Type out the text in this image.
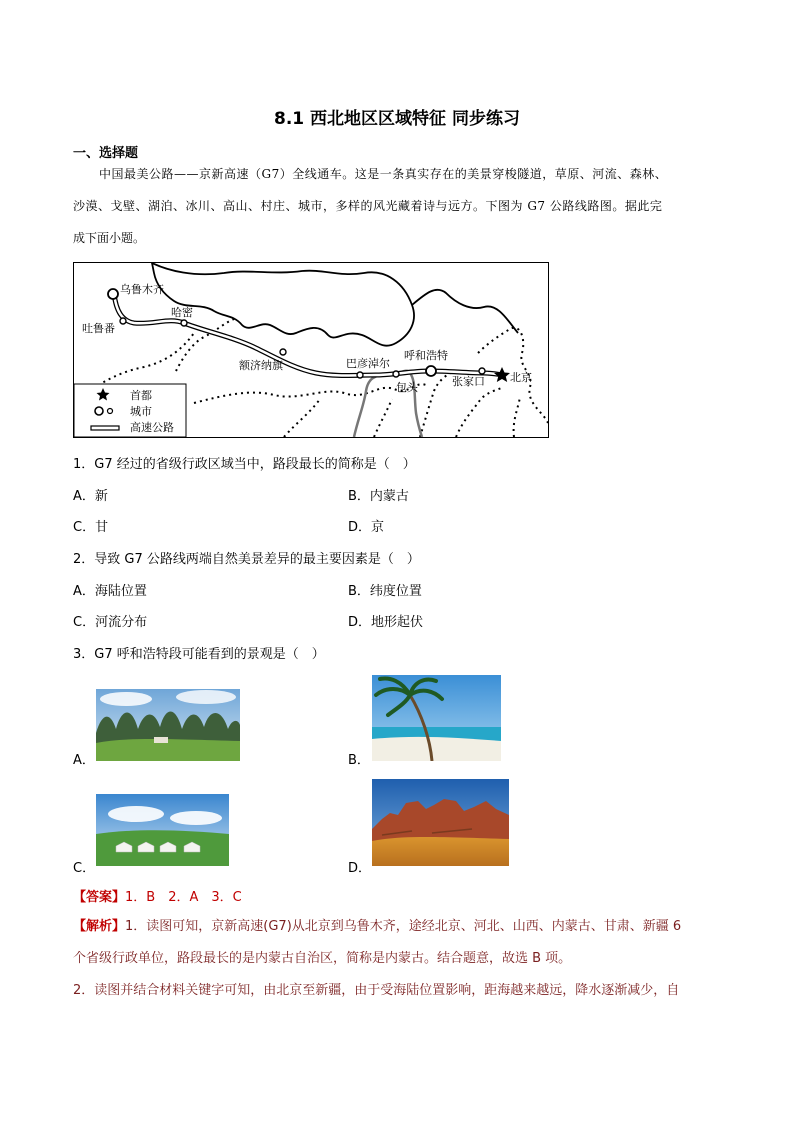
8.1 西北地区区域特征 同步练习
一、选择题

中国最美公路——京新高速（G7）全线通车。这是一条真实存在的美景穿梭隧道，草原、河流、森林、

沙漠、戈壁、湖泊、冰川、高山、村庄、城市，多样的风光藏着诗与远方。下图为 G7 公路线路图。据此完
成下面小题。
乌鲁木齐
吐鲁番
哈密
额济纳旗	巴彦淖尔
呼和浩特
包头	张家口 北京
首都
城市
高速公路
1．G7 经过的省级行政区域当中，路段最长的简称是（　）
A．新	B．内蒙古
C．甘	D．京
2．导致 G7 公路线两端自然美景差异的最主要因素是（　）
A．海陆位置	B．纬度位置
C．河流分布	D．地形起伏
3．G7 呼和浩特段可能看到的景观是（　）
A．	B．
C．	D．
【答案】1．B　2．A　3．C
【解析】1．读图可知，京新高速(G7)从北京到乌鲁木齐，途经北京、河北、山西、内蒙古、甘肃、新疆 6
个省级行政单位，路段最长的是内蒙古自治区，简称是内蒙古。结合题意，故选 B 项。
2．读图并结合材料关键字可知，由北京至新疆，由于受海陆位置影响，距海越来越远，降水逐渐减少，自
